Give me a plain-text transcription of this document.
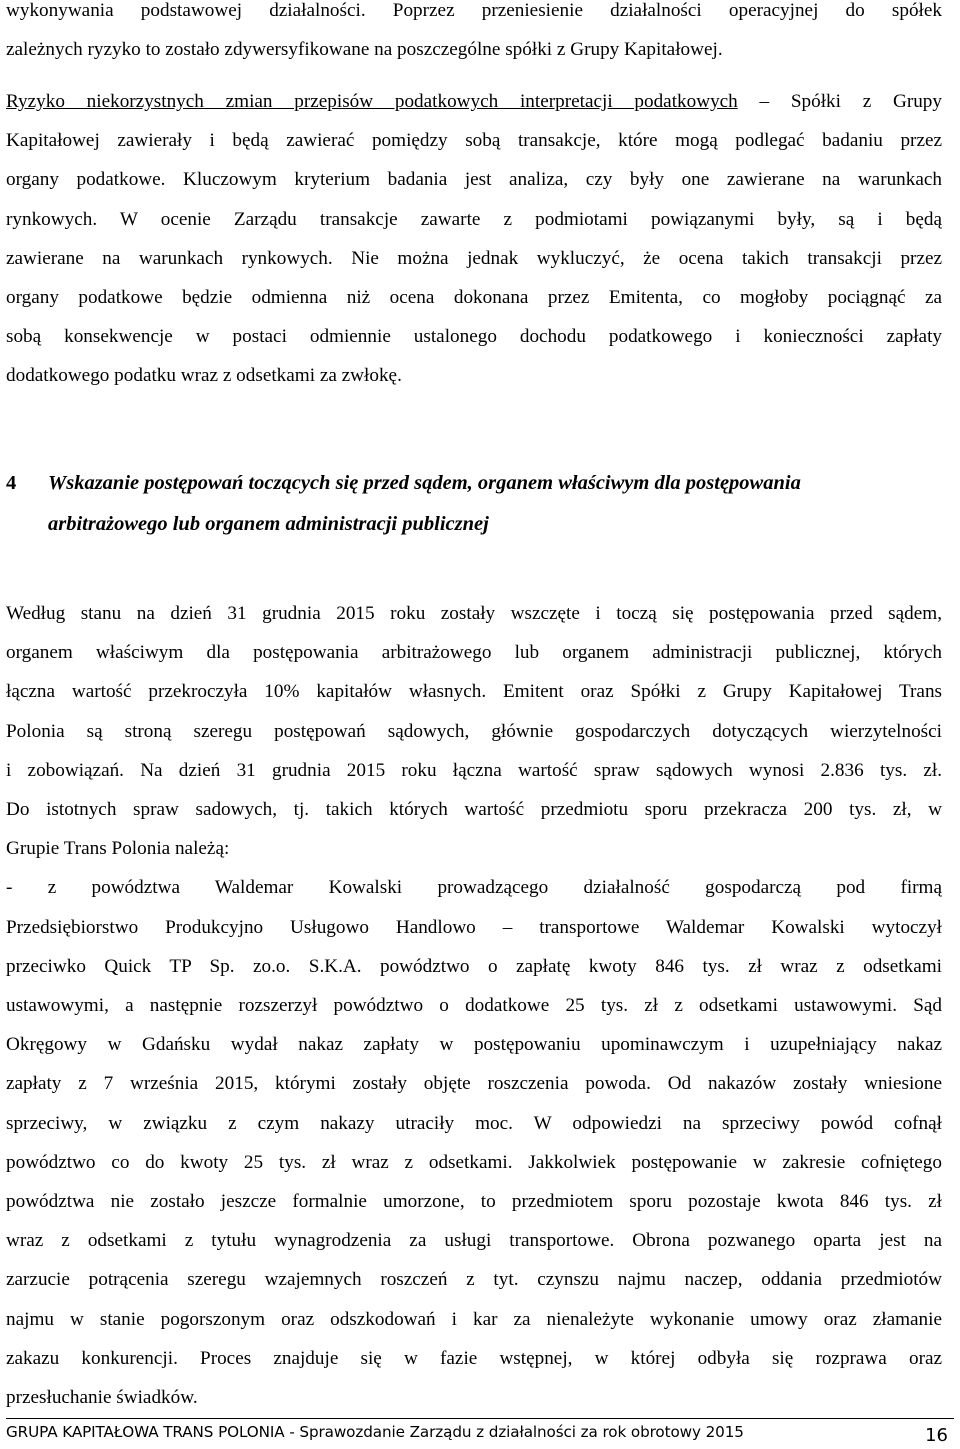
wykonywania podstawowej działalności. Poprzez przeniesienie działalności operacyjnej do spółek
zależnych ryzyko to zostało zdywersyfikowane na poszczególne spółki z Grupy Kapitałowej.

Ryzyko niekorzystnych zmian przepisów podatkowych interpretacji podatkowych – Spółki z Grupy
Kapitałowej zawierały i będą zawierać pomiędzy sobą transakcje, które mogą podlegać badaniu przez
organy podatkowe. Kluczowym kryterium badania jest analiza, czy były one zawierane na warunkach
rynkowych. W ocenie Zarządu transakcje zawarte z podmiotami powiązanymi były, są i będą
zawierane na warunkach rynkowych. Nie można jednak wykluczyć, że ocena takich transakcji przez
organy podatkowe będzie odmienna niż ocena dokonana przez Emitenta, co mogłoby pociągnąć za
sobą konsekwencje w postaci odmiennie ustalonego dochodu podatkowego i konieczności zapłaty
dodatkowego podatku wraz z odsetkami za zwłokę.

4 Wskazanie postępowań toczących się przed sądem, organem właściwym dla postępowania
arbitrażowego lub organem administracji publicznej

Według stanu na dzień 31 grudnia 2015 roku zostały wszczęte i toczą się postępowania przed sądem,
organem właściwym dla postępowania arbitrażowego lub organem administracji publicznej, których
łączna wartość przekroczyła 10% kapitałów własnych. Emitent oraz Spółki z Grupy Kapitałowej Trans
Polonia są stroną szeregu postępowań sądowych, głównie gospodarczych dotyczących wierzytelności
i zobowiązań. Na dzień 31 grudnia 2015 roku łączna wartość spraw sądowych wynosi 2.836 tys. zł.
Do istotnych spraw sadowych, tj. takich których wartość przedmiotu sporu przekracza 200 tys. zł, w
Grupie Trans Polonia należą:
- z powództwa Waldemar Kowalski prowadzącego działalność gospodarczą pod firmą
Przedsiębiorstwo Produkcyjno Usługowo Handlowo – transportowe Waldemar Kowalski wytoczył
przeciwko Quick TP Sp. zo.o. S.K.A. powództwo o zapłatę kwoty 846 tys. zł wraz z odsetkami
ustawowymi, a następnie rozszerzył powództwo o dodatkowe 25 tys. zł z odsetkami ustawowymi. Sąd
Okręgowy w Gdańsku wydał nakaz zapłaty w postępowaniu upominawczym i uzupełniający nakaz
zapłaty z 7 września 2015, którymi zostały objęte roszczenia powoda. Od nakazów zostały wniesione
sprzeciwy, w związku z czym nakazy utraciły moc. W odpowiedzi na sprzeciwy powód cofnął
powództwo co do kwoty 25 tys. zł wraz z odsetkami. Jakkolwiek postępowanie w zakresie cofniętego
powództwa nie zostało jeszcze formalnie umorzone, to przedmiotem sporu pozostaje kwota 846 tys. zł
wraz z odsetkami z tytułu wynagrodzenia za usługi transportowe. Obrona pozwanego oparta jest na
zarzucie potrącenia szeregu wzajemnych roszczeń z tyt. czynszu najmu naczep, oddania przedmiotów
najmu w stanie pogorszonym oraz odszkodowań i kar za nienależyte wykonanie umowy oraz złamanie
zakazu konkurencji. Proces znajduje się w fazie wstępnej, w której odbyła się rozprawa oraz
przesłuchanie świadków.

GRUPA KAPITAŁOWA TRANS POLONIA - Sprawozdanie Zarządu z działalności za rok obrotowy 2015	16
